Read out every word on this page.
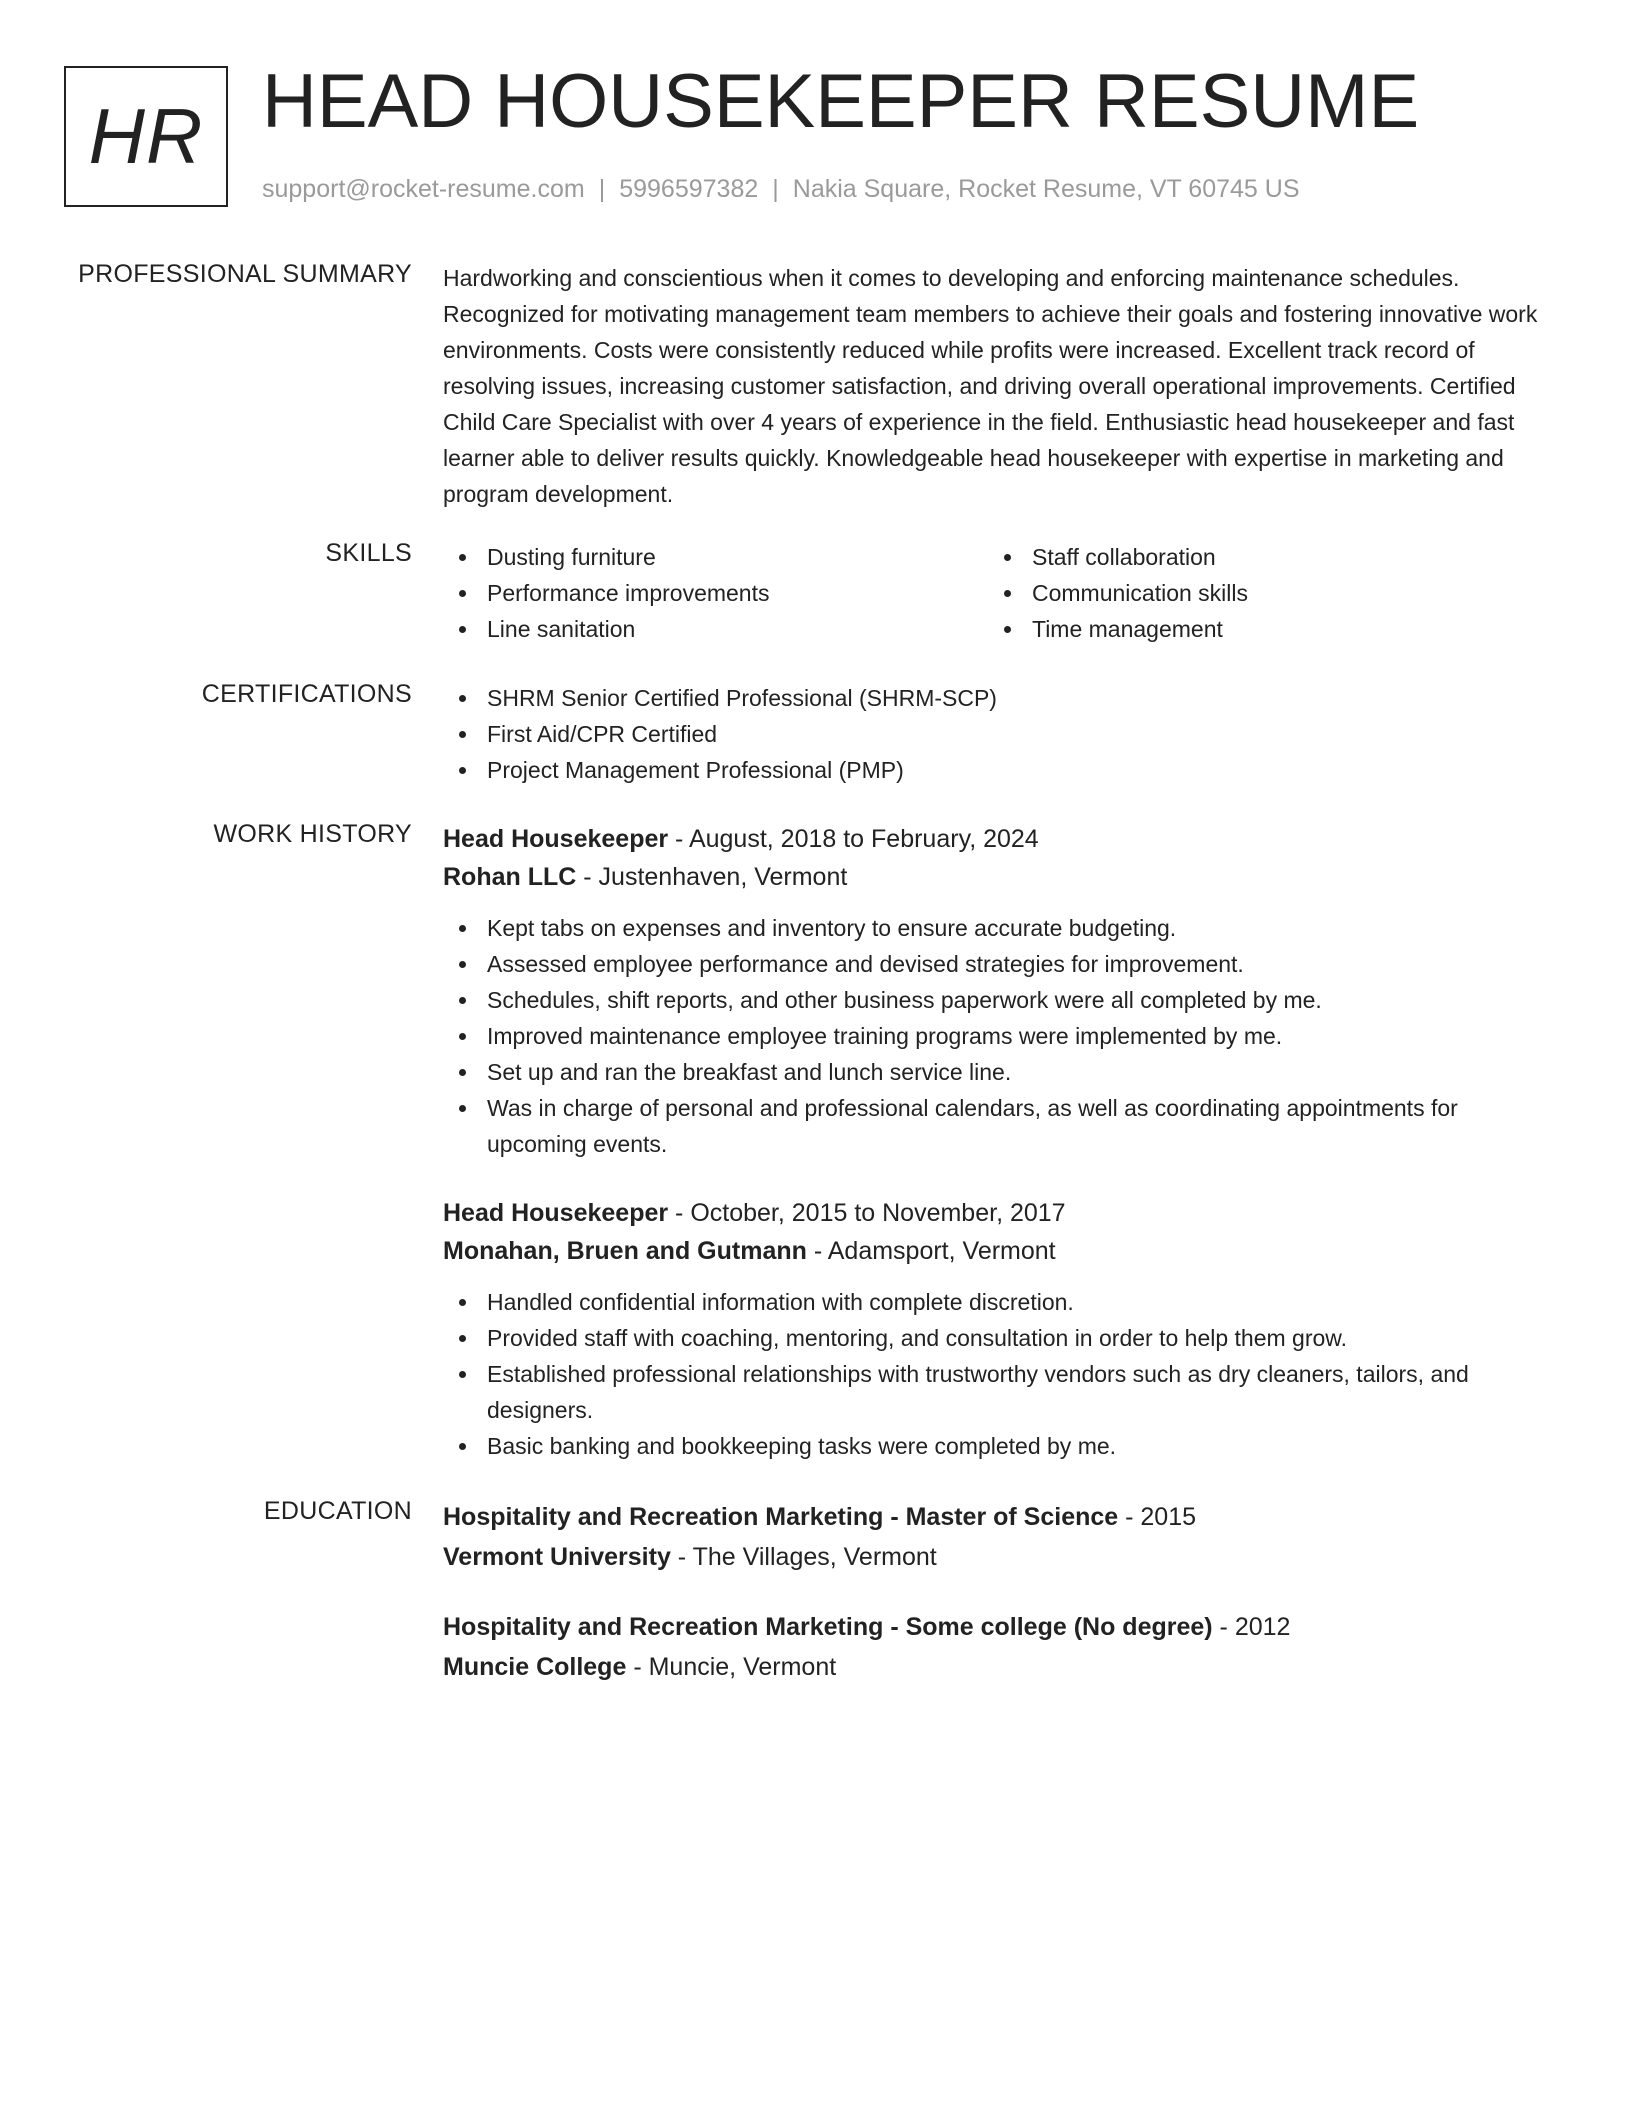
HR HEAD HOUSEKEEPER RESUME
support@rocket-resume.com | 5996597382 | Nakia Square, Rocket Resume, VT 60745 US
PROFESSIONAL SUMMARY Hardworking and conscientious when it comes to developing and enforcing maintenance schedules. Recognized for motivating management team members to achieve their goals and fostering innovative work environments. Costs were consistently reduced while profits were increased. Excellent track record of resolving issues, increasing customer satisfaction, and driving overall operational improvements. Certified Child Care Specialist with over 4 years of experience in the field. Enthusiastic head housekeeper and fast learner able to deliver results quickly. Knowledgeable head housekeeper with expertise in marketing and program development.
SKILLS	Dusting furniture
Performance improvements
Line sanitation
Staff collaboration
Communication skills
Time management
CERTIFICATIONS	SHRM Senior Certified Professional (SHRM-SCP)
First Aid/CPR Certified
Project Management Professional (PMP)
WORK HISTORY Head Housekeeper - August, 2018 to February, 2024
Rohan LLC - Justenhaven, Vermont
Kept tabs on expenses and inventory to ensure accurate budgeting.
Assessed employee performance and devised strategies for improvement.
Schedules, shift reports, and other business paperwork were all completed by me.
Improved maintenance employee training programs were implemented by me.
Set up and ran the breakfast and lunch service line.
Was in charge of personal and professional calendars, as well as coordinating appointments for upcoming events.
Head Housekeeper - October, 2015 to November, 2017
Monahan, Bruen and Gutmann - Adamsport, Vermont
Handled confidential information with complete discretion.
Provided staff with coaching, mentoring, and consultation in order to help them grow.
Established professional relationships with trustworthy vendors such as dry cleaners, tailors, and designers.
Basic banking and bookkeeping tasks were completed by me.
EDUCATION Hospitality and Recreation Marketing - Master of Science - 2015
Vermont University - The Villages, Vermont
Hospitality and Recreation Marketing - Some college (No degree) - 2012
Muncie College - Muncie, Vermont
